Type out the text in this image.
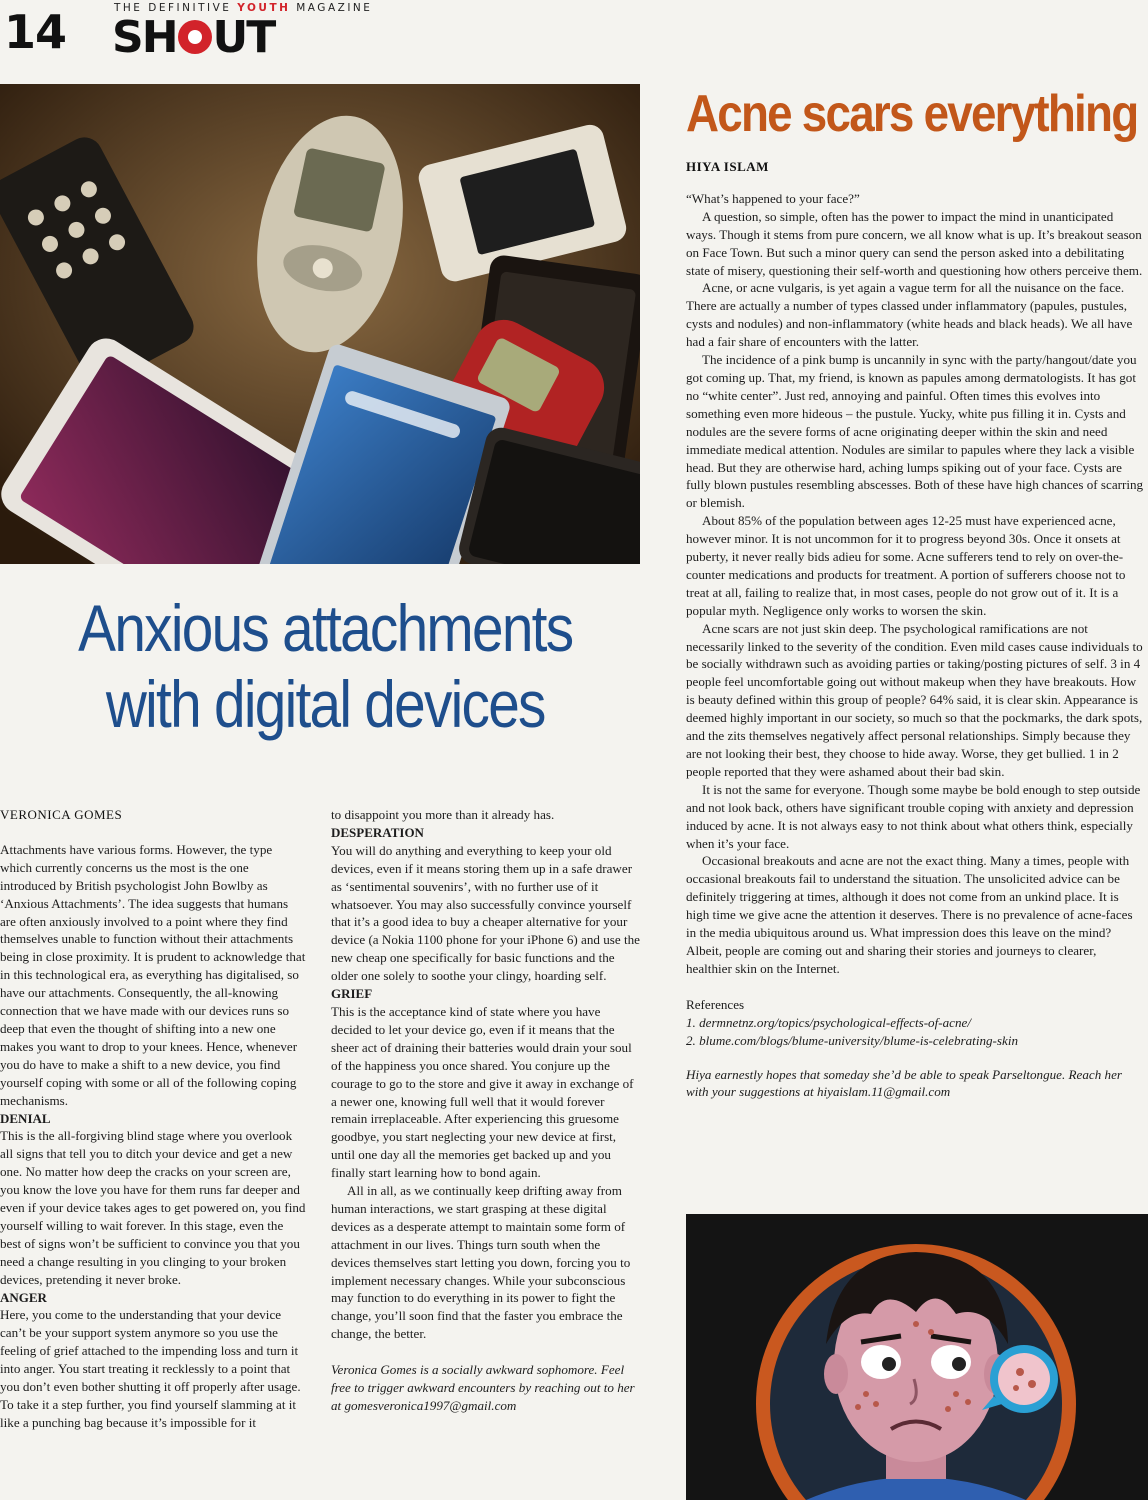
14	THE DEFINITIVE YOUTH MAGAZINE
SH UT
Anxious attachments
with digital devices
VERONICA GOMES

Attachments have various forms. However, the type which currently concerns us the most is the one introduced by British psychologist John Bowlby as ‘Anxious Attachments’. The idea suggests that humans are often anxiously involved to a point where they find themselves unable to function without their attachments being in close proximity. It is prudent to acknowledge that in this technological era, as everything has digitalised, so have our attachments. Consequently, the all-knowing connection that we have made with our devices runs so deep that even the thought of shifting into a new one makes you want to drop to your knees. Hence, whenever you do have to make a shift to a new device, you find yourself coping with some or all of the following coping mechanisms.

DENIAL

This is the all-forgiving blind stage where you overlook all signs that tell you to ditch your device and get a new one. No matter how deep the cracks on your screen are, you know the love you have for them runs far deeper and even if your device takes ages to get powered on, you find yourself willing to wait forever. In this stage, even the best of signs won’t be sufficient to convince you that you need a change resulting in you clinging to your broken devices, pretending it never broke.

ANGER

Here, you come to the understanding that your device can’t be your support system anymore so you use the feeling of grief attached to the impending loss and turn it into anger. You start treating it recklessly to a point that you don’t even bother shutting it off properly after usage. To take it a step further, you find yourself slamming at it like a punching bag because it’s impossible for it

to disappoint you more than it already has.

DESPERATION

You will do anything and everything to keep your old devices, even if it means storing them up in a safe drawer as ‘sentimental souvenirs’, with no further use of it whatsoever. You may also successfully convince yourself that it’s a good idea to buy a cheaper alternative for your device (a Nokia 1100 phone for your iPhone 6) and use the new cheap one specifically for basic functions and the older one solely to soothe your clingy, hoarding self.

GRIEF

This is the acceptance kind of state where you have decided to let your device go, even if it means that the sheer act of draining their batteries would drain your soul of the happiness you once shared. You conjure up the courage to go to the store and give it away in exchange of a newer one, knowing full well that it would forever remain irreplaceable. After experiencing this gruesome goodbye, you start neglecting your new device at first, until one day all the memories get backed up and you finally start learning how to bond again.

All in all, as we continually keep drifting away from human interactions, we start grasping at these digital devices as a desperate attempt to maintain some form of attachment in our lives. Things turn south when the devices themselves start letting you down, forcing you to implement necessary changes. While your subconscious may function to do everything in its power to fight the change, you’ll soon find that the faster you embrace the change, the better.

Veronica Gomes is a socially awkward sophomore. Feel free to trigger awkward encounters by reaching out to her at gomesveronica1997@gmail.com

Acne scars everything
HIYA ISLAM

“What’s happened to your face?”

A question, so simple, often has the power to impact the mind in unanticipated ways. Though it stems from pure concern, we all know what is up. It’s breakout season on Face Town. But such a minor query can send the person asked into a debilitating state of misery, questioning their self-worth and questioning how others perceive them.

Acne, or acne vulgaris, is yet again a vague term for all the nuisance on the face. There are actually a number of types classed under inflammatory (papules, pustules, cysts and nodules) and non-inflammatory (white heads and black heads). We all have had a fair share of encounters with the latter.

The incidence of a pink bump is uncannily in sync with the party/hangout/date you got coming up. That, my friend, is known as papules among dermatologists. It has got no “white center”. Just red, annoying and painful. Often times this evolves into something even more hideous – the pustule. Yucky, white pus filling it in. Cysts and nodules are the severe forms of acne originating deeper within the skin and need immediate medical attention. Nodules are similar to papules where they lack a visible head. But they are otherwise hard, aching lumps spiking out of your face. Cysts are fully blown pustules resembling abscesses. Both of these have high chances of scarring or blemish.

About 85% of the population between ages 12-25 must have experienced acne, however minor. It is not uncommon for it to progress beyond 30s. Once it onsets at puberty, it never really bids adieu for some. Acne sufferers tend to rely on over-the-counter medications and products for treatment. A portion of sufferers choose not to treat at all, failing to realize that, in most cases, people do not grow out of it. It is a popular myth. Negligence only works to worsen the skin.

Acne scars are not just skin deep. The psychological ramifications are not necessarily linked to the severity of the condition. Even mild cases cause individuals to be socially withdrawn such as avoiding parties or taking/posting pictures of self. 3 in 4 people feel uncomfortable going out without makeup when they have breakouts. How is beauty defined within this group of people? 64% said, it is clear skin. Appearance is deemed highly important in our society, so much so that the pockmarks, the dark spots, and the zits themselves negatively affect personal relationships. Simply because they are not looking their best, they choose to hide away. Worse, they get bullied. 1 in 2 people reported that they were ashamed about their bad skin.

It is not the same for everyone. Though some maybe be bold enough to step outside and not look back, others have significant trouble coping with anxiety and depression induced by acne. It is not always easy to not think about what others think, especially when it’s your face.

Occasional breakouts and acne are not the exact thing. Many a times, people with occasional breakouts fail to understand the situation. The unsolicited advice can be definitely triggering at times, although it does not come from an unkind place. It is high time we give acne the attention it deserves. There is no prevalence of acne-faces in the media ubiquitous around us. What impression does this leave on the mind? Albeit, people are coming out and sharing their stories and journeys to clearer, healthier skin on the Internet.

References
1. dermnetnz.org/topics/psychological-effects-of-acne/
2. blume.com/blogs/blume-university/blume-is-celebrating-skin

Hiya earnestly hopes that someday she’d be able to speak Parseltongue. Reach her with your suggestions at hiyaislam.11@gmail.com
